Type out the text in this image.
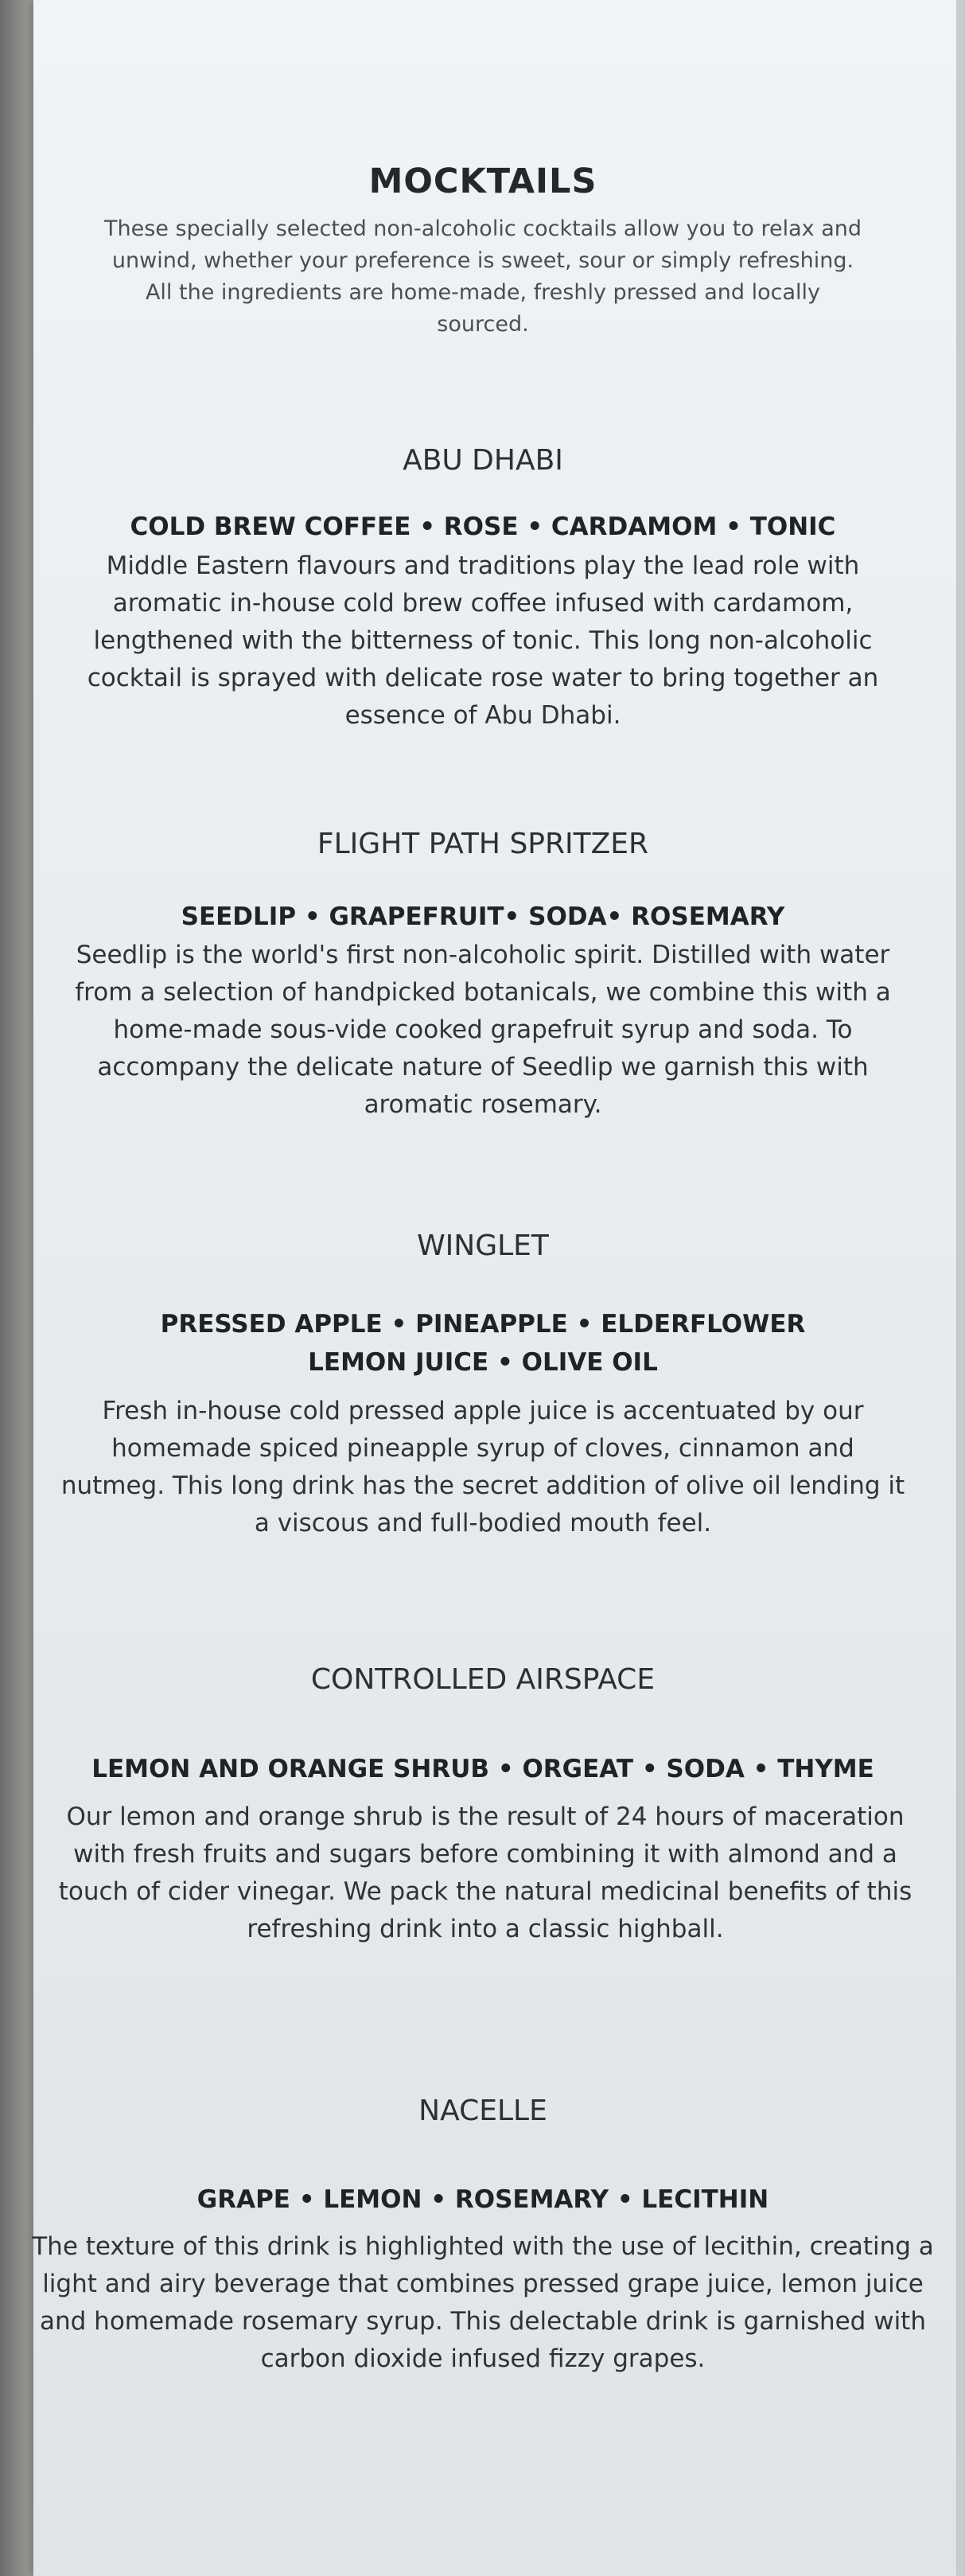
MOCKTAILS

These specially selected non-alcoholic cocktails allow you to relax and unwind, whether your preference is sweet, sour or simply refreshing. All the ingredients are home-made, freshly pressed and locally sourced.

ABU DHABI
COLD BREW COFFEE • ROSE • CARDAMOM • TONIC

Middle Eastern flavours and traditions play the lead role with aromatic in-house cold brew coffee infused with cardamom, lengthened with the bitterness of tonic. This long non-alcoholic cocktail is sprayed with delicate rose water to bring together an essence of Abu Dhabi.

FLIGHT PATH SPRITZER
SEEDLIP • GRAPEFRUIT• SODA• ROSEMARY

Seedlip is the world's first non-alcoholic spirit. Distilled with water from a selection of handpicked botanicals, we combine this with a home-made sous-vide cooked grapefruit syrup and soda. To accompany the delicate nature of Seedlip we garnish this with aromatic rosemary.

WINGLET
PRESSED APPLE • PINEAPPLE • ELDERFLOWER
LEMON JUICE • OLIVE OIL

Fresh in-house cold pressed apple juice is accentuated by our homemade spiced pineapple syrup of cloves, cinnamon and nutmeg. This long drink has the secret addition of olive oil lending it a viscous and full-bodied mouth feel.

CONTROLLED AIRSPACE
LEMON AND ORANGE SHRUB • ORGEAT • SODA • THYME

Our lemon and orange shrub is the result of 24 hours of maceration with fresh fruits and sugars before combining it with almond and a touch of cider vinegar. We pack the natural medicinal benefits of this refreshing drink into a classic highball.

NACELLE
GRAPE • LEMON • ROSEMARY • LECITHIN

The texture of this drink is highlighted with the use of lecithin, creating a light and airy beverage that combines pressed grape juice, lemon juice and homemade rosemary syrup. This delectable drink is garnished with carbon dioxide infused fizzy grapes.
